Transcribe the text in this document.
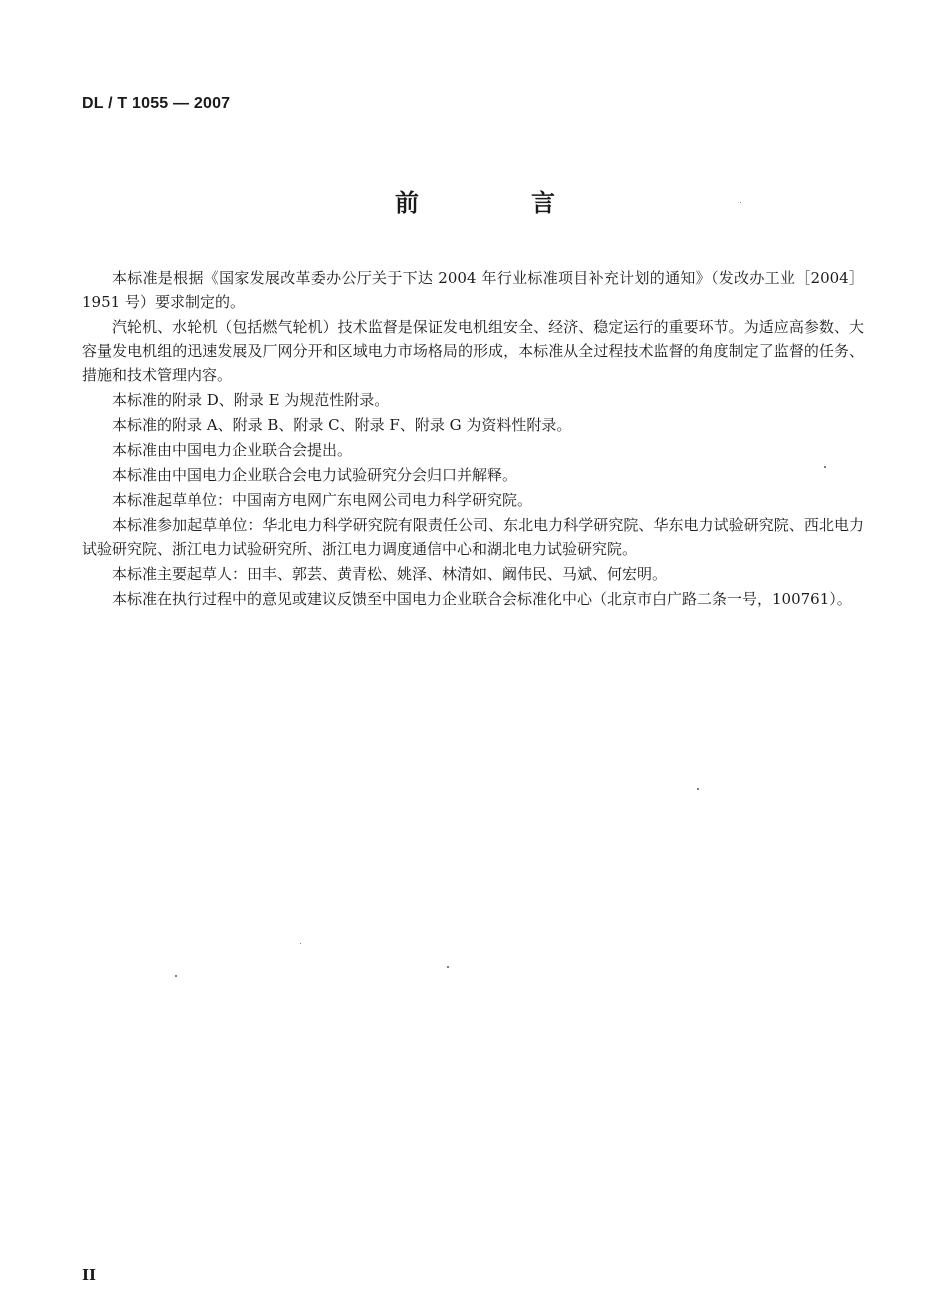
DL / T 1055 — 2007
前　言

本标准是根据《国家发展改革委办公厅关于下达 2004 年行业标准项目补充计划的通知》（发改办工业［2004］1951 号）要求制定的。

汽轮机、水轮机（包括燃气轮机）技术监督是保证发电机组安全、经济、稳定运行的重要环节。为适应高参数、大容量发电机组的迅速发展及厂网分开和区域电力市场格局的形成，本标准从全过程技术监督的角度制定了监督的任务、措施和技术管理内容。

本标准的附录 D、附录 E 为规范性附录。

本标准的附录 A、附录 B、附录 C、附录 F、附录 G 为资料性附录。

本标准由中国电力企业联合会提出。

本标准由中国电力企业联合会电力试验研究分会归口并解释。

本标准起草单位：中国南方电网广东电网公司电力科学研究院。

本标准参加起草单位：华北电力科学研究院有限责任公司、东北电力科学研究院、华东电力试验研究院、西北电力试验研究院、浙江电力试验研究所、浙江电力调度通信中心和湖北电力试验研究院。

本标准主要起草人：田丰、郭芸、黄青松、姚泽、林清如、阚伟民、马斌、何宏明。

本标准在执行过程中的意见或建议反馈至中国电力企业联合会标准化中心（北京市白广路二条一号，100761）。

II
